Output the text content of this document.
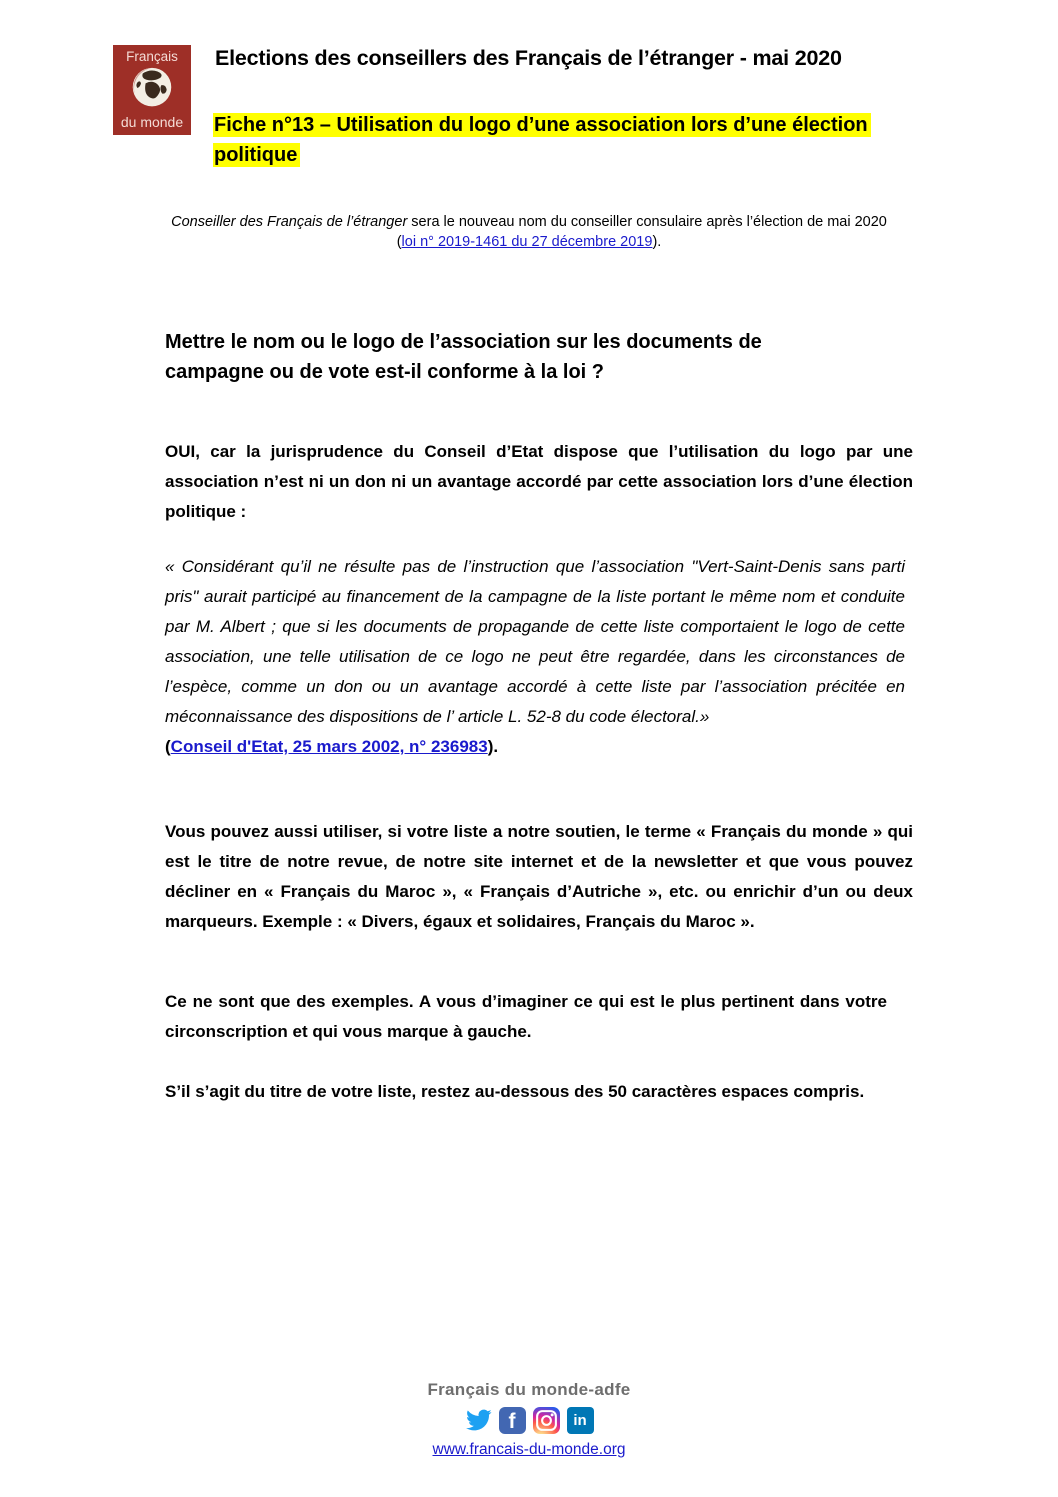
Français
du monde
Elections des conseillers des Français de l’étranger - mai 2020
Fiche n°13 – Utilisation du logo d’une association lors d’une élection politique
Conseiller des Français de l’étranger sera le nouveau nom du conseiller consulaire après l’élection de mai 2020
(loi n° 2019-1461 du 27 décembre 2019).
Mettre le nom ou le logo de l’association sur les documents de campagne ou de vote est-il conforme à la loi ?
OUI, car la jurisprudence du Conseil d’Etat dispose que l’utilisation du logo par une association n’est ni un don ni un avantage accordé par cette association lors d’une élection politique :
« Considérant qu’il ne résulte pas de l’instruction que l’association "Vert-Saint-Denis sans parti pris" aurait participé au financement de la campagne de la liste portant le même nom et conduite par M. Albert ; que si les documents de propagande de cette liste comportaient le logo de cette association, une telle utilisation de ce logo ne peut être regardée, dans les circonstances de l’espèce, comme un don ou un avantage accordé à cette liste par l’association précitée en méconnaissance des dispositions de l’ article L. 52-8 du code électoral.»
(Conseil d'Etat, 25 mars 2002, n° 236983).
Vous pouvez aussi utiliser, si votre liste a notre soutien, le terme « Français du monde » qui est le titre de notre revue, de notre site internet et de la newsletter et que vous pouvez décliner en « Français du Maroc », « Français d’Autriche », etc. ou enrichir d’un ou deux marqueurs. Exemple : « Divers, égaux et solidaires, Français du Maroc ».
Ce ne sont que des exemples. A vous d’imaginer ce qui est le plus pertinent dans votre circonscription et qui vous marque à gauche.
S’il s’agit du titre de votre liste, restez au-dessous des 50 caractères espaces compris.
Français du monde-adfe
f	in
www.francais-du-monde.org
